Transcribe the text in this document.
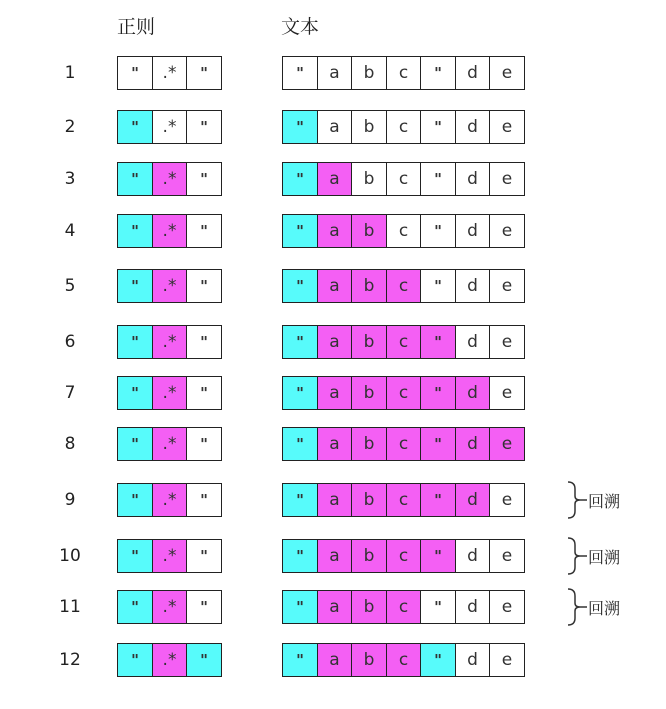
正则	文本
1	"	.*	"	"	a	b	c	"	d	e
2	"	.*	"	"	a	b	c	"	d	e
3	"	.*	"	"	a	b	c	"	d	e
4	"	.*	"	"	a	b	c	"	d	e
5	"	.*	"	"	a	b	c	"	d	e
6	"	.*	"	"	a	b	c	"	d	e
7	"	.*	"	"	a	b	c	"	d	e
8	"	.*	"	"	a	b	c	"	d	e
9	"	.*	"	"	a	b	c	"	d	e	回溯
10	"	.*	"	"	a	b	c	"	d	e	回溯
11	"	.*	"	"	a	b	c	"	d	e	回溯
12	"	.*	"	"	a	b	c	"	d	e
